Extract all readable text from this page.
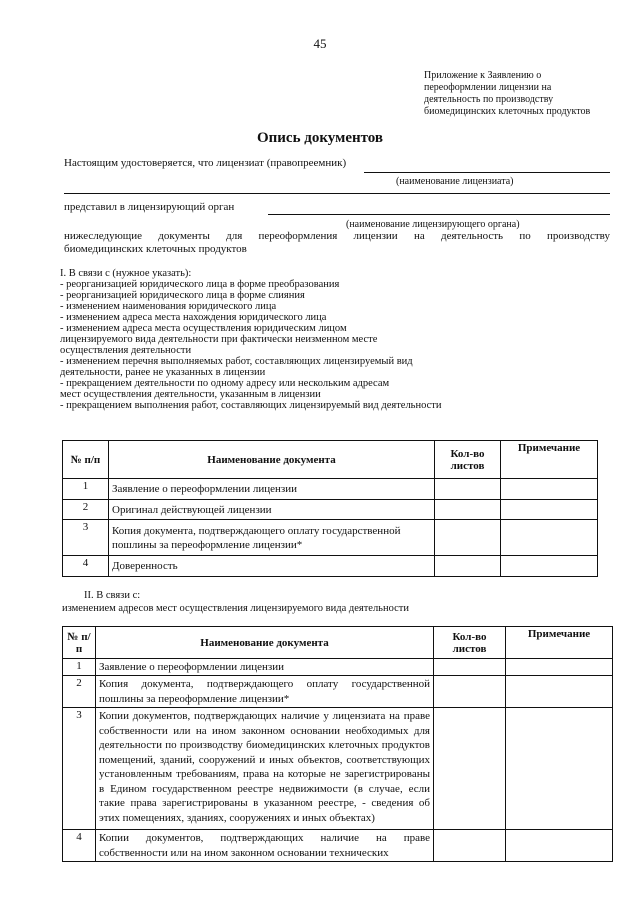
45
Приложение к Заявлению о
переоформлении лицензии на
деятельность по производству
биомедицинских клеточных продуктов
Опись документов
Настоящим удостоверяется, что лицензиат (правопреемник)
(наименование лицензиата)
представил в лицензирующий орган
(наименование лицензирующего органа)
нижеследующие документы для переоформления лицензии на деятельность по производству
биомедицинских клеточных продуктов
I. В связи с (нужное указать):
- реорганизацией юридического лица в форме преобразования
- реорганизацией юридического лица в форме слияния
- изменением наименования юридического лица
- изменением адреса места нахождения юридического лица
- изменением адреса места осуществления юридическим лицом
лицензируемого вида деятельности при фактически неизменном месте
осуществления деятельности
- изменением перечня выполняемых работ, составляющих лицензируемый вид
деятельности, ранее не указанных в лицензии
- прекращением деятельности по одному адресу или нескольким адресам
мест осуществления деятельности, указанным в лицензии
- прекращением выполнения работ, составляющих лицензируемый вид деятельности
№ п/п	Наименование документа	Кол-во листов	Примечание
1	Заявление о переоформлении лицензии		
2	Оригинал действующей лицензии		
3	Копия документа, подтверждающего оплату государственной пошлины за переоформление лицензии*		
4	Доверенность		
II. В связи с:
изменением адресов мест осуществления лицензируемого вида деятельности
№ п/п	Наименование документа	Кол-во листов	Примечание
1	Заявление о переоформлении лицензии		
2	Копия документа, подтверждающего оплату государственной пошлины за переоформление лицензии*		
3	Копии документов, подтверждающих наличие у лицензиата на праве собственности или на ином законном основании необходимых для деятельности по производству биомедицинских клеточных продуктов помещений, зданий, сооружений и иных объектов, соответствующих установленным требованиям, права на которые не зарегистрированы в Едином государственном реестре недвижимости (в случае, если такие права зарегистрированы в указанном реестре, - сведения об этих помещениях, зданиях, сооружениях и иных объектах)		
4	Копии документов, подтверждающих наличие на праве собственности или на ином законном основании технических		
